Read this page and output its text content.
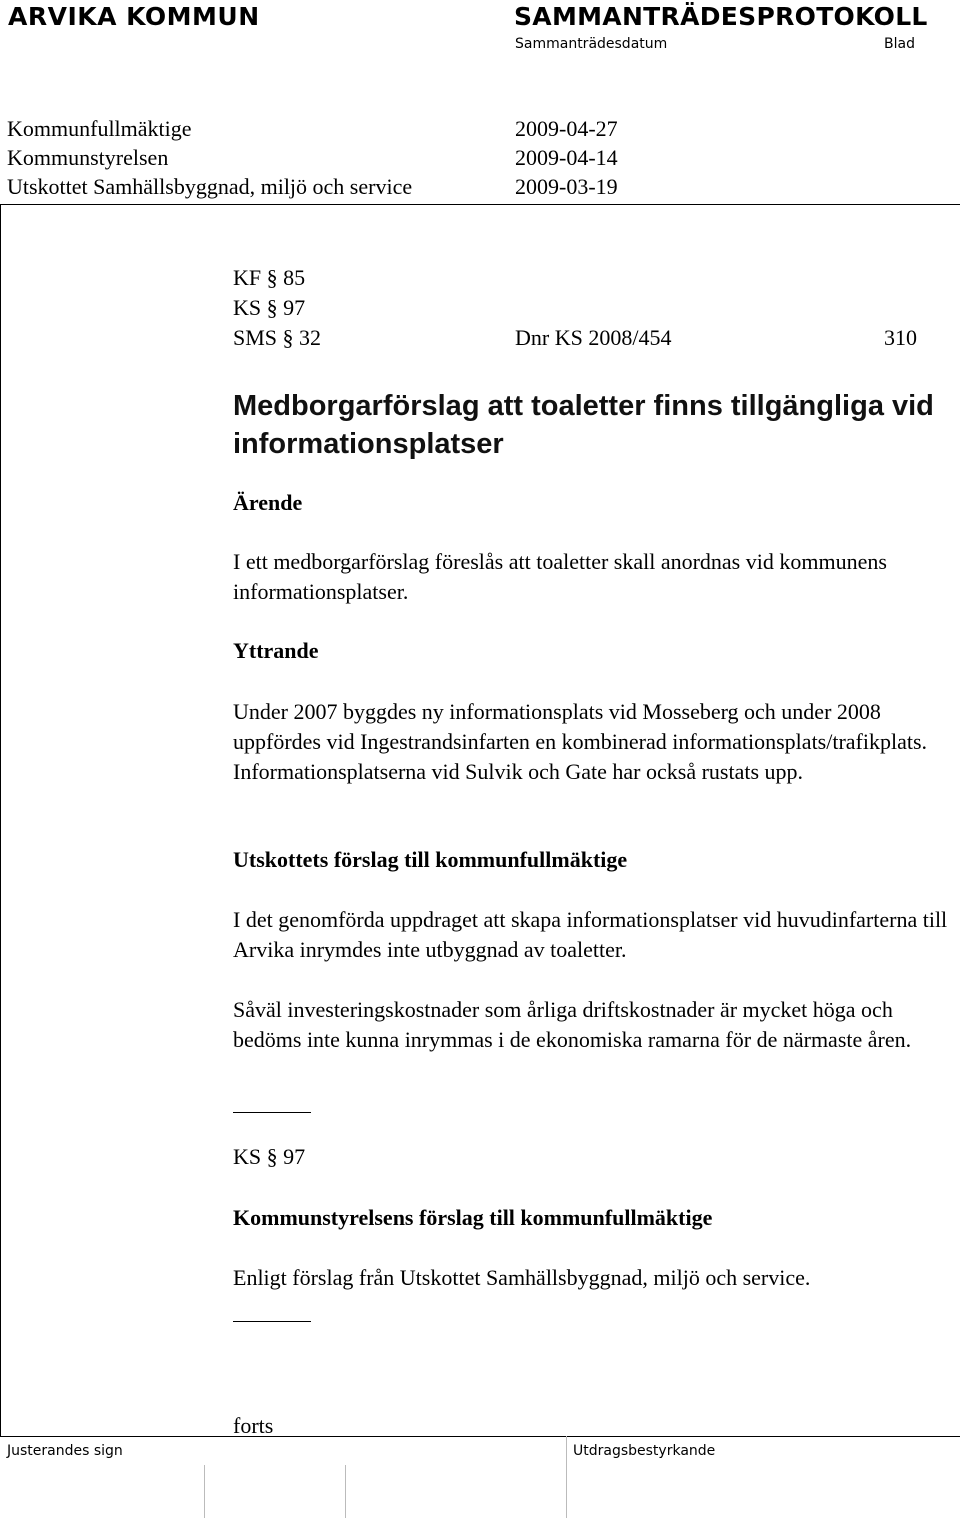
ARVIKA KOMMUN	SAMMANTRÄDESPROTOKOLL
Sammanträdesdatum	Blad
Kommunfullmäktige	2009-04-27
Kommunstyrelsen	2009-04-14
Utskottet Samhällsbyggnad, miljö och service	2009-03-19
KF § 85
KS § 97
SMS § 32	Dnr KS 2008/454	310
Medborgarförslag att toaletter finns tillgängliga vid informationsplatser
Ärende
I ett medborgarförslag föreslås att toaletter skall anordnas vid kommunens informationsplatser.
Yttrande
Under 2007 byggdes ny informationsplats vid Mosseberg och under 2008 uppfördes vid Ingestrandsinfarten en kombinerad informationsplats/trafikplats. Informationsplatserna vid Sulvik och Gate har också rustats upp.
Utskottets förslag till kommunfullmäktige
I det genomförda uppdraget att skapa informationsplatser vid huvudinfarterna till Arvika inrymdes inte utbyggnad av toaletter.
Såväl investeringskostnader som årliga driftskostnader är mycket höga och bedöms inte kunna inrymmas i de ekonomiska ramarna för de närmaste åren.
KS § 97
Kommunstyrelsens förslag till kommunfullmäktige
Enligt förslag från Utskottet Samhällsbyggnad, miljö och service.
forts
Justerandes sign	Utdragsbestyrkande
